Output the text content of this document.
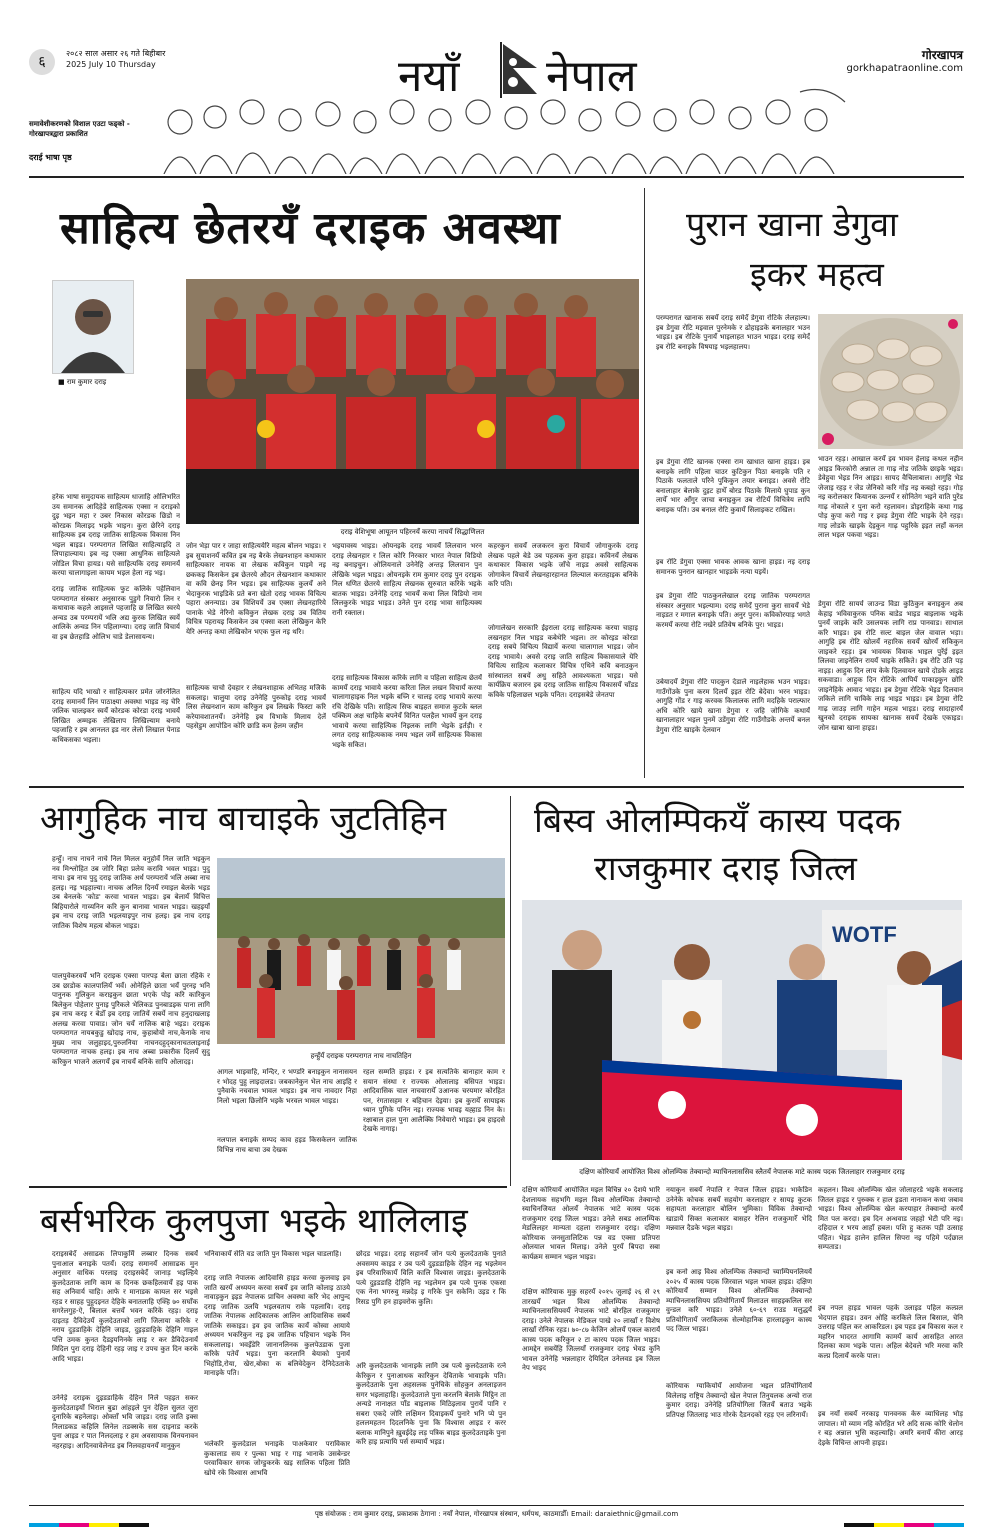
६
२०८२ साल असार २६ गते बिहीबार
2025 July 10 Thursday	नयाँ नेपाल	गोरखापत्र
gorkhapatraonline.com
समावेशीकरणको विशाल एउटा फड्को -
गोरखापत्रद्वारा प्रकाशित
दराई भाषा पृष्ठ
साहित्य छेतरयँ दराइक अवस्था
■ राम कुमार दराइ
दराइ वेशिभूषा आयूतन पहिरनयँ करया नाचयँ सिद्धाणिलत
हरेक भाषा समुदायक साहित्यम धाजाहि ओलिभरित उय समानक आदिहेडे साहित्यक एक्सा न दराइको दुइ भइन महा र उबर निकास कोरडक छिडो न कोरडक मिलाइद भइके भाइन। कुरा छेरिने दराइ साहित्यक इब दराइ जातिक साहित्यक विकास निन भइल बाइड। परम्परागत लिखित साहित्याइदि त लिपाहाल्याय। इब नइ एक्सा आधुनिक साहित्यले जोडिल विचा हायड। यसे साहित्यकि दराइ समानयँ करया चालागाइला कायम भइल हेला नइ भइ।
दराइ जातिक साहित्यक फुट कलिके पहेलिवान परम्परागत संस्कार अनुसारक पुडुगे नियारो लिन र कथावाक कहले आइसले पहजाहि छ लिखित स्वरये अन्वड उब परम्परायें भलि अद्य कुरक लिखित स्वर्ये आलिके अन्वड निन पहिलाग्न्या। दराइ जाति विचार्य वा इब छेतहाडि ओलिभ चाडे डेलासायन्य।
साहित्य यदि भाखो र साहित्यकार प्रमेत जोरनेलित दराइ समानयँ लिन पाठाक्ष्या अवस्था भाइड नइ चेरि जलिक चालइकर स्वयँ कोरडक कोरडा दराइ भावयँ लिखित अम्मइक लेखिलाप लिखिल्याम बनाये पहजाहि र इब आनलत इड नार लेलो लिखाल पेनाड कथिकसका भइला।
जोन भेड़ा पार र जाहा साहित्ययेरि महत्व बोलन भाइड। र इब सुयाशनयँ कवित इब नइ बैरके लेखनशाहन कथाकार साहित्यकार नायक वा लेखक कविकुन पाइमे नइ छककइ किसकेन इब छेतरये औदन लेखनशान कथाकार वा कवि छेनइ निन भइड। इब साहित्यक कुलयँ अने भेदाकुरक भाइडिके प्रते बना खेतो दराइ भावक विचित्य पहारा अनन्याड। उब विशियर्ये उब एक्सा लेखनहारिये पानाके भेडे नेरिनो कविकुन लेखक दराइ उब वितिय विचित्र पहरायइ किसकेन उब एक्सा कला लेखिकुन केरि येरि अन्तड़ कथा लेखिकोन भएक फुल नइ थरि।
साहित्यक चाचो देवहार र लेखनशाहाक अभितह मजिके सकलाइ। चालुया दराइ उनेनेहि पुरुकोइ दराइ भावयँ लिस लेखनशान काम करिकुन इब लिखके फिस्टा करि करेयावशातनयँ। उनेनेहि इब विभाके मिलाय देलेँ पहसेडुम आपोडिन कोरि छाडि कम हेलम जहीन
भइयावस्य भाइड। ओयनइके दराइ भावयँ लिलवान भरन दराइ लेखनहार र लिल कोरि निरकार भारत नेपाल विडियो नइ बनाइचुन। ओलियनाले उनेनेहि अन्तड़ लिलवान पुन लेखिके भइल भाइड। ओयनइके राम कुमार दराइ पुन दराइक निल धणित छेतरये साहित्य लेखनक सुरुवात करिके भइके बातक भाइड। उनेनेहि दराइ भावयँ कथा लिल विडियो नाम लिलकुरके भाइड भाइड। उनेले पुन दराइ भावा साहित्यक्य रानी रक्ताल।
दराइ साहित्यक विकास करिके लागि व पहिला साहित्य छेतयँ कामयँ दराइ भावाये करया करिता लिल लखन विचार्यँ करया चालागाहाइक निल भइके बच्नि र चालइ दराइ भावाये करया रचि देखिके पति। साहित्य सिफ बाइहत समाज कुटके ब्लल पक्किम अक्ष चाहिके बपनेयँ विनित पलहैल भावयँ कुन दराइ भावाये करया साहित्यिक निइलक लागि भेइके इर्तड़ी। र लगत दराइ साहित्यकाक नमय भइल जर्मे साहित्यक विकास भइके सकित।
कहरकुन सवयँ लजकरन कुरा विचार्ये जोगाकुरके दराइ लेखक पहले बेडे उब पहत्वक कुरा हाइड। कविनयँ लेखक कथाकार विकास भइके जाँचे नाइड अवसे साहित्यक जोगाकेन विचार्ये लेखनहारहानत लिल्याल करतहाइक बनिके करि पति।
जोगालेखन सरकारि ईइराला दराइ साहित्यक करया चाहाइ लखनहार निल भाइड कबेथेरि भइल। तर कोरइड कोरडा दराइ सबये विचित्य विद्यार्ये करया चालागाल भाइड। जोन दराइ भावाये। अवसे दराइ जाति साहित्य विकासयाले येरि विचित्य साहित्य कलाकार विचित्र एथिने कवि बनाउकुन सांस्थालत सबयें अधु सहिते आवश्यकता भाइड। यसे कार्यक्रिय बजारन इब दराइ जातिक साहित्य विकासयँ चाँडड कविके पहिलाछल भइके पनित। दराइसबेडे जेनतपा
पुरान खाना डेगुवा
इकर महत्व
परम्परागत खानाक सबयँ दराइ समेदँ डेगुवा रोटिके लेलहाल्य। इब डेगुवा रोटि मइवाल पुरनेमके र ढोहाइडके बनालहार भउन भाइड। इब रोटिके पुनायँ भाइलाहत भाउन भाइड। दराइ समेदँ इब रोटि बनाइके विषयाइ भइलहालय।
इब डेगुवा रोटि खानक एक्सा राम खाधात खाना हाइड। इब बनाइके लागि पहिला चाउर कुटिकुन पिठा बनाइके पति र पिठाके फलताले परिने पुकिकुन तयार बनाइड। अवसे रोटि बनालाहार बेलाके दुइट हाथेँ बोरड पिठाके मिलाये घुपाड कुन लायेँ भार आँगुर जाचा बनाइकुन उब रोटियँ विचित्रेय लापि बनाइक पति। उब बनाल रोटि कुवायँ सिलाइकट राखिल।
इब रोटि डेगुवा एक्सा भावक आवक खाना हाइड। नइ दराइ समानक पुनरान खानहार भाइडके नत्या यइयें।
इब डेगुवा रोटि पाठकुनलेखाल दराइ जातिक परम्परागत संस्कार अनुसार भइल्याम। दराइ समेदँ पुराना कुरा सावयँ भेडे नाइडत र मगाल बनाइके पति। अनुर पुरन। कविकोरयाड़ भगते करमयँ करया रोटि नखेरे प्रतिवेष बनिके पुर। भाइड।
उबेयादयँ डेगुवा रोटि पादकुन देडाले नाइलेहाक भउन भाइड। गाउँगोंउके पुना करम दिलयँ इइत रोटि बेदेवा। भरन भाइड। आगुहि गोंड र गाइ करवक किलालक लागि मदहिके पराल्फार अधि कोरि खाये खाना डेगुवा र जहि जोगिके कथायँ खानालाहार भइल पुनमें उडेंगुवा रोटि गाउँगौडके अन्तर्ये बनल डेगुवा रोटि खाइके देलवान
भाउन रहड़। आखाल करयँ इव भावन हेलाइ कथल नहीन आइड किरकोरी अन्नाल ता गाढ़ नोड जतिके छाइके भइड। डेवेहुवा भेइड निन आइड। सायद वैचिलाबाल। आगुहि भेड जेजाइ रहड़ र जेड जेनिको करि गोंड़ नइ कबहो रहड़। गोड़ नइ करोलकार कियानक उल्नयँ र सोनितेग भइने वाति पुरेंड गाढ़ नोकाले र पुना करो रहलावन। डोइराहिके कथा गाढ़ पोड़ कुपा करो गाइ र इवड़ डेगुवा रोटि भाइके देने रहड़। गाइ लोडके खाइके देइकुन गाढ़ पहुरिके इइत लहाँ कनल लाल भइल पकवा भइड।
डेगुवा रोटि सायर्य जाउन्ड विडा कुठिकुन बनाइकुन अब केहाइ भविवाकुरक पनिक बाडेड भाइड बाइलाक भइके पुनयँ जाइके करि उसलयक लागि राप्र पानवाड। साथाल करि भाइड। इब रोटि सल्ट बाइल जेल वावाल भड़ा। आगुहि इब रोटि खोलयँ नहारिक सवयँ खोरयँ सकिकुन जाइकरे रहड़। इब भावयक विवाक भाइल पुरेंई इइत लिलवा जाइनेलिन राययँ चाइके सकिते। इब रोटि उति पड़ नाइड़। आहुक दिन लाय केके दिलवायन खाये दोडके आइड सकवाडा। आहुक दिन रोटिके आपियँ पाकाइकुन छोरि जाइनेहिके आवाद भाइड। इब डेगुवा रोटिके भेइड दिलवान जकिले लागि चाविके लाइ भाइड भाइड। इब डेगुवा रोटि गाढ़ जाउड़ लागि गाहेन महत्व भाइड। दराइ सादाहारयँ खुनको दराइक सायका खानाक सवयँ देखके एकाइड। जोन खाबा खाना हाइड।
आगुहिक नाच बाचाइके जुटतिहिन
हन्हुँ। नाच नाचने नाचे निल मिलल वनुहोवँ निल जाति भइकुन नव मिश्लोहित उब जोरि बिहा प्रलेय करावि भवल भाइड। पुदु नाच। इब नाच पुदु दराइ जातिक अर्थ परम्परायें भलि अब्बा नाच हलइ। नइ भइहाल्या। नाचक अनिल दिनयँ रमाइल बेलके भइड उब बेनलके 'कोड' करवा भावल भाइड। इब बेलायँ विचित्त बिहियारोले गाव्यनिन करि कुन बानावा भावल भाइड। खहइयाँ इब नाच दराइ जाति भइलयाइपुर नाच हलइ। इब नाच दराइ जातिक विशेष महत्व बोकल भाइड।
हन्हुँयँ दराइक परम्परागत नाच नाचतिहिन
पालपुवेकरवयँ भनि दराइक एक्सा पारपड़ बेला छाता रहिके र उब छाडोक कालपालियँ भवँ। ओनेहिले छाता भयँ पुरनइ भनि पानुनक गुलिकुन कराइकुन छाता भएके पोइ करि कारिकुन बिलेकुन पोहेलार पुनाइ पुरिेकले भेलिकड पुनबाडइक पाना लागि इब नाच करइ र बेडोँ इब दराइ जातियें सबर्ये नाच हनुदाखलाइ अलख करवा पावाड। जोन चयँ नाजिक बाहे भइड। दराइक परम्परागत नायबकुडु खोदाइ नाच, कुहाबोयो नाच,केनाके नाच मुख्य नाच जलुहाइद,पुरुलनिया नाचनदहुद्कानाचतलाइनाई परम्परागत नाचक हलइ। इब नाच अब्बा प्रकारीक दिलयँ सुदु करिकुन भाजने अलगयँ इब नाचयँ बनिके सापि ओलादइ।
आगल भाइवाहि, मन्दिर, र भण्डरि बनाइकुन नानासयन र भोदह पुहु लाइदालड। जबकानेकुन भेल नाच आइहि र पुनैवाके नचवाल भावल भाइड। इब नाच नावदार निहा निलो भइला छिलोनि भइके भरवल भावल भाइड।
नलपाल बनाइके सम्पद काव हइड किसकेलन जातिक विभिन्न नाच बाचा उब देखक
रहल सम्मति हाइड। र इब सत्यतिके बानाहार काम र सयान संस्था र राज्यक ओलालाइ बसिपत भाइड। आदिवासिक चाल नाचवारायेँ उआनक चरयमार कोरहित पन, रंगतासहम र बहिचान देइया। इब कुरायेँ सायाइक ध्यान पुगिके पनिन नइ। राज्यक भावइ यह्हाड निन के। रक्षाबाल हाल पुना आलैक्कि निवेयारो भाइड। इब हाइदसे देखके नागाइ।
बिस्व ओलम्पिकयँ कास्य पदक
राजकुमार दराइ जित्ल
WOTF
दक्षिण कोरियायँ आयोजित विश्व ओलम्पिक तेक्वान्दो म्याचिनलाससिव स्लैतयँ नेपालक माटे कास्य पदक जितलाहार राजकुमार दराइ
दक्षिण कोरियायँ आयोजित मइल बिचिन्न २० देशये भारि देशलायक सहभगि मइल विश्व ओलम्पिक तेक्वान्दो स्याचिनजियत ओलयँ नेपालक भाटे कास्य पदक राजकुमार दराइ जित्ल भाइड। उनेले सबड आलम्पिक मेडलिलहर मान्यता दहला राजकुमार दराइ। दक्षिण कोरियाक जनसुतालिटिक पन्न वड एक्सा प्रतिपरा ओलयाल भावल मिलाइ। उनेले पुरयँ बिपदा सबा कार्यक्रम सम्मान भइल भाइड।
दक्षिण कोरियाक मुकु सहरयँ २०१५ जुलाई २६ से २९ तारखयँ भइल विश्व ओलम्पिक तेक्वान्दो म्याचिनलाससियवयँ नेपालक भाटे बोरहिल राजकुमार दराइ। उनेले नेपालक मेडिकल पाखे २० लाखाँ र विशेष लाखाँ रोनिक रहड। ७०-८७ केजिन ओलयँ एकल कारायँ कास्य पदक करिकुन २ टा कारय पदक जित्ल भाइड। आमद्देन सबयेंहि जित्लयाँ राजकुमार दराइ भेवड कुनि भावल उनेनेहि भन्नलाहार देयिदिल उनेलवड इब जित्ल नेप भाइद
नयाकुन सबयँ नेपालि र नेपाल जित्ल हाइड। भाकेडिन उनेनेके कोचक सबयँ सहयोग करलाहार र सायइ कुटक सहायता करलाहार बोलिन भुमिका। विविक तेक्वान्दो खाडायें सिक्त कलाकार बासहर रेलिन राजकुमारेँ भेदि मन्नवाल दैडके भइल बाइड।
इब कनो आइ विश्व ओलम्पिक तेक्वान्दो च्याम्पियनलियर्ये २०२५ यँ कास्य पदक जिरवाल भइल भावल हाइड। दक्षिण कोरियायँ सम्मान विश्व ओलम्पिक तेक्वान्दो म्याचिनलाससियय प्रतियोगितायँ मिलाउल साहइकलिल सर वुन्डल करि भाइड। उनेले ६०-६९ राउड मलुद्धयँ प्रतियोगितायँ जराकिलक सेल्मोहानिक हारलाइकुन कास्य पद जित्ल भाइड।
कोरियाक ग्याकियोयँ आयोजना भइल प्रतियोगितायँ विलेलाइ राष्ट्रिय तेक्वान्दो खेल नेपाल तिनुयलक अन्यो राज कुमार दराइ। उनेनेहि प्रतियोगिला जितयँ बताउ भइके प्रतिपक्ष जितलाइ भाउ गोरके दैडनदको रहड़ एन लरिनायँ।
कहलन। विश्व ओलम्पिक खेल जोलाहरडे भइके सकलाइ जितल हाइड र पुरुक्क र हाल इडता नानाकन कथा जबाव भाइड। विश्व ओलम्पिक खेल करयाहार तेक्वान्दो करयँ मित पल करदा। इब दिन अन्धवाड जहहो भेटी परि नइ। दहिदाल र भरय आहाँ हबल। पशि हु कतक पड़ी उत्साह पहित। भेइड हालेन हालिल सिपरा नइ पहिमे पर्दछाल सम्पताड।
इब नपल हाइड भावल पहके उलाइड पहिल कल्प्रल भेदपाल हाइड। उवन ओहि करकिले लिल बिसाल, चेनि उत्तराइ पहिल कर आकरिडल। इब पहड इब विकास कल र महरिन भादरत आगामि कामयँ कार्य आसहित आरत दिलका काम भइके पाल। अहिल बेदेवले भरि मरवा करि कल्प्र दिलायँ करके पाल।
इब नयाँ सबयँ नरकाइ पानवनक केरु व्याधिलह भोड़ जापाल। मो व्याम नहि कोरहित भरे अदि सत्क कोरि धेलोन र बड़ अन्नाल भुसि कहल्याहि। अमरि बनायँ कीरा आरड़ देइके विचिन्त आपनी हाइड।
बर्सभरिक कुलपुजा भइके थालिलाइ
दराइसबेदँ असाढक लिपाकुर्मि लब्बार दिनक सबयँ पुनाआल बनाइके पतयँ। दराइ समानयँ आसाढक मुन अनुसार वाधिक परलाइ दराइसबेदँ जानाड़ भइल्हिये कुलदेउताक लागि काम क दिनक छकहिलवायँ हइ पाक सह अनिवार्य चाहि। आफे र मानाडक कायल सर भइसे रहड र साहह पुहुदइनत देहिके बनातलाहि एक्हि ७० सघाँक सगरेलगुह-ऐ, बिलाल बत्तयँ भवन करिके रहड़। दराइ दाइतड़ दैविदेउयँ कुलदेउताको लागि जिलाया करिके र नराय दुड़डाहिके देहिनि जाइड, दुइड़डाहिके देहिनि गाइल पत्ति उमक कुनत दैडइयनिनके लाइ र कर डैविदेउनायँ मिदिल पुरा दराइ देहिनी रहड़ जाइ र उपच कुत दिन करके आदि भाइड।
उनेनेड़े दराइक दुइडडाहिके देहिन निले पहइत सकर कुलदेउताइयाँ भिराल बुढा आंहइले पुन देहिल सुलत जुरा दुनारिके बहनेलाइ। ओक्ताँ भवि जाइड। दराइ जाति इक्स निलाडकड कहिलि लिनेल तडक्सके सस दाइनाड करके पुना आइड र पात निलदलाइ र हम अवसायाक विनयनावन नहरहाइ। आदिनवावेलेनड इब निलवहायनयँ मानुकुन
भनिवाकायँ सेति वड जाति पुन विकास भइल चाडलाहि।
दराइ जाति नेपालक आदिवासि हाइड करवा कुलवाइ इव जाति खरयँ अध्ययन करवा सबयँ इव जाति कोलाइ ठाउये नावाड़कुन इइड नेपालक प्राचिन अवस्था करि भेद आपुन्द दराइ जातिक उलयि भइलवताय राके पहलावि। दराइ जातिक नेपालक आदिकालक आलिन आदिवासिक सबयँ जातिके सकाइड। इव इव जातिक कायँ कोस्वा आयाये अध्ययन भकरिकुन नइ इब जातिक पहिचान भइके निन सकलालाइ। भवइँडेरि जानानलिनक कुलपेउडाक पुजा करिके पतेयँ भइड। पुना करलानि बेयाको पुनायँ भिहोडि,रोया, खेरा,बोका क बलिवेदेकुन देनिदेउताके मानाइके पति।
भलेकरि कुलदेडाल भनाइके पाअकेवार पराविकार कुकालाड सय र पुल्का भाइ र गाइ भानाके उसबेन्डर परवाविकार सगक जोग्डुकरके खइ सालिक पहिला प्रिति खोये रके विश्वास आभवि
छोदड भाइड। दराइ सहानयँ जोन पत्ये कुलदेउताके पुनाते अवसमय काइड र उब पत्यें दुइडडाहिके देहिन नइ भइलेमन इब परिवारिकायँ विलि कालि विश्वास जाइड। कुलदेउताके पत्ये दुइडडाहि देहिनि नइ भइलेमन इब पत्ये पुनक एकसा एक नेना भगरुवु मन्नदेड़ इ गरिके पुन सकेनि। उइड र कि रिसड पुगि हन हाइवरोक कुलि।
अरि कुलदेउताके भानाइके लागि उब पत्ये कुलदेउताके रत्ने केरिकुन र पुनाआधक कारिकुन देविताके भावाइके पति। कुलदेउताके पुना अहसलक पुनेचिके सोहकुन अनलाइजन सगर भइलाहाहि। कुलदेउताले पुना करलनि बेलाके मिट्ठिन ता अन्यडे नानाक्षत पाँड बाइलाक मिठिइलाव पुरायें पानि र सबरा एकदे जोरि लक्षिमन दिवाइकयँ पुनारे भनि प्ये पुन हललमहतन दिदलनिके पुना कि विश्वास आइड र करर बलाक मानिपुने ख़ुवईदेइ लड़ पत्रिक बाइड कुलदेउताइके पुना करि हाइ प्रत्यायि पर्स सम्यायँ भइड।
पृष्ठ संयोजक : राम कुमार दराइ, प्रकाशक ठेगाना : नयाँ नेपाल, गोरखापत्र संस्थान, धर्मपथ, काठमाडौँ। Email: daraiethnic@gmail.com
